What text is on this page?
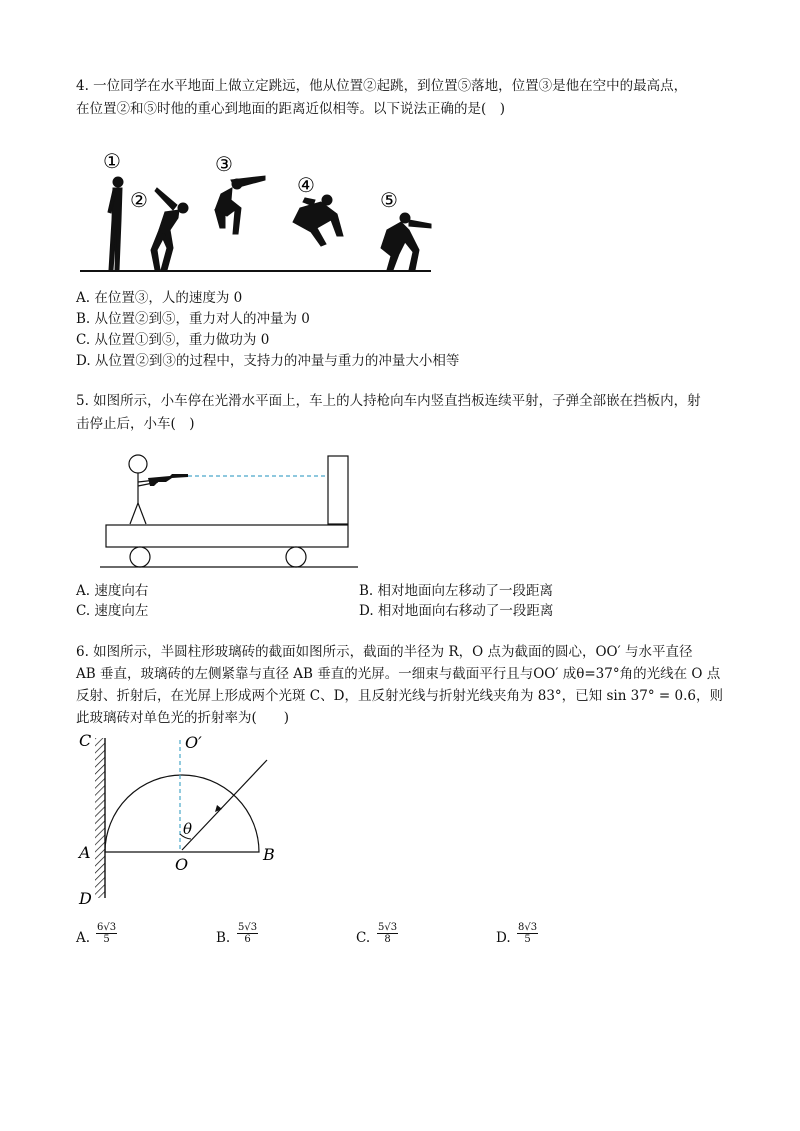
4. 一位同学在水平地面上做立定跳远，他从位置②起跳，到位置⑤落地，位置③是他在空中的最高点，
在位置②和⑤时他的重心到地面的距离近似相等。以下说法正确的是(　)
①
②
③
④
⑤
A. 在位置③，人的速度为 0
B. 从位置②到⑤，重力对人的冲量为 0
C. 从位置①到⑤，重力做功为 0
D. 从位置②到③的过程中，支持力的冲量与重力的冲量大小相等
5. 如图所示，小车停在光滑水平面上，车上的人持枪向车内竖直挡板连续平射，子弹全部嵌在挡板内，射
击停止后，小车(　)
A. 速度向右	B. 相对地面向左移动了一段距离
C. 速度向左	D. 相对地面向右移动了一段距离
6. 如图所示，半圆柱形玻璃砖的截面如图所示，截面的半径为 R，O 点为截面的圆心，OO′ 与水平直径
AB 垂直，玻璃砖的左侧紧靠与直径 AB 垂直的光屏。一细束与截面平行且与OO′ 成θ=37°角的光线在 O 点
反射、折射后，在光屏上形成两个光斑 C、D，且反射光线与折射光线夹角为 83°，已知 sin 37° = 0.6，则
此玻璃砖对单色光的折射率为(　　)
C	O′
θ
A
O
B
D
A. $\frac{6√3}{5}$	B. $\frac{5√3}{6}$	C. $\frac{5√3}{8}$	D. $\frac{8√3}{5}$
